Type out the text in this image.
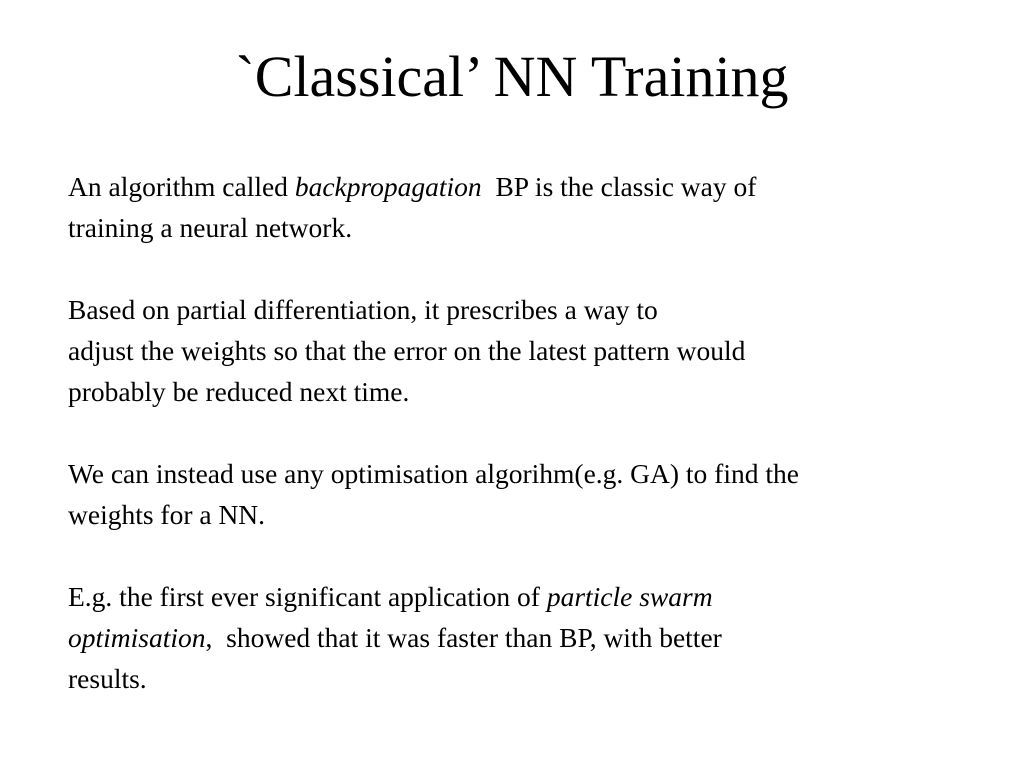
`Classical’ NN Training

An algorithm called backpropagation  BP is the classic way of
training a neural network.

Based on partial differentiation, it prescribes a way to
adjust the weights so that the error on the latest pattern would
probably be reduced next time.

We can instead use any optimisation algorihm(e.g. GA) to find the
weights for a NN.

E.g. the first ever significant application of particle swarm
optimisation,  showed that it was faster than BP, with better
results.
